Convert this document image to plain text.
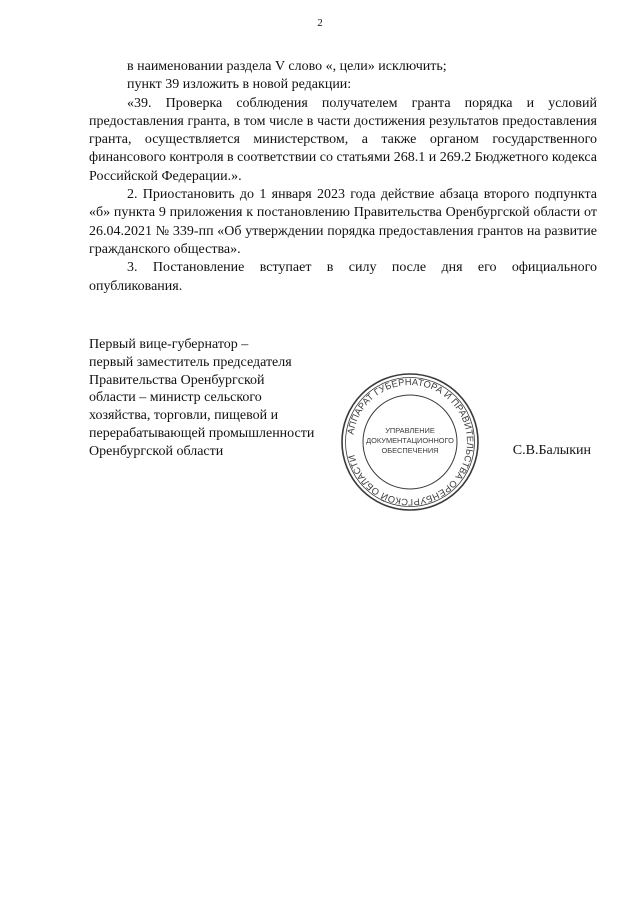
2

в наименовании раздела V слово «, цели» исключить;

пункт 39 изложить в новой редакции:

«39. Проверка соблюдения получателем гранта порядка и условий предоставления гранта, в том числе в части достижения результатов предоставления гранта, осуществляется министерством, а также органом государственного финансового контроля в соответствии со статьями 268.1 и 269.2 Бюджетного кодекса Российской Федерации.».

2. Приостановить до 1 января 2023 года действие абзаца второго подпункта «б» пункта 9 приложения к постановлению Правительства Оренбургской области от 26.04.2021 № 339-пп «Об утверждении порядка предоставления грантов на развитие гражданского общества».

3. Постановление вступает в силу после дня его официального опубликования.

Первый вице-губернатор –
первый заместитель председателя
Правительства Оренбургской
области – министр сельского
хозяйства, торговли, пищевой и
перерабатывающей промышленности
Оренбургской области
АППАРАТ ГУБЕРНАТОРА И ПРАВИТЕЛЬСТВА ОРЕНБУРГСКОЙ ОБЛАСТИ
УПРАВЛЕНИЕ
ДОКУМЕНТАЦИОННОГО
ОБЕСПЕЧЕНИЯ	С.В.Балыкин
